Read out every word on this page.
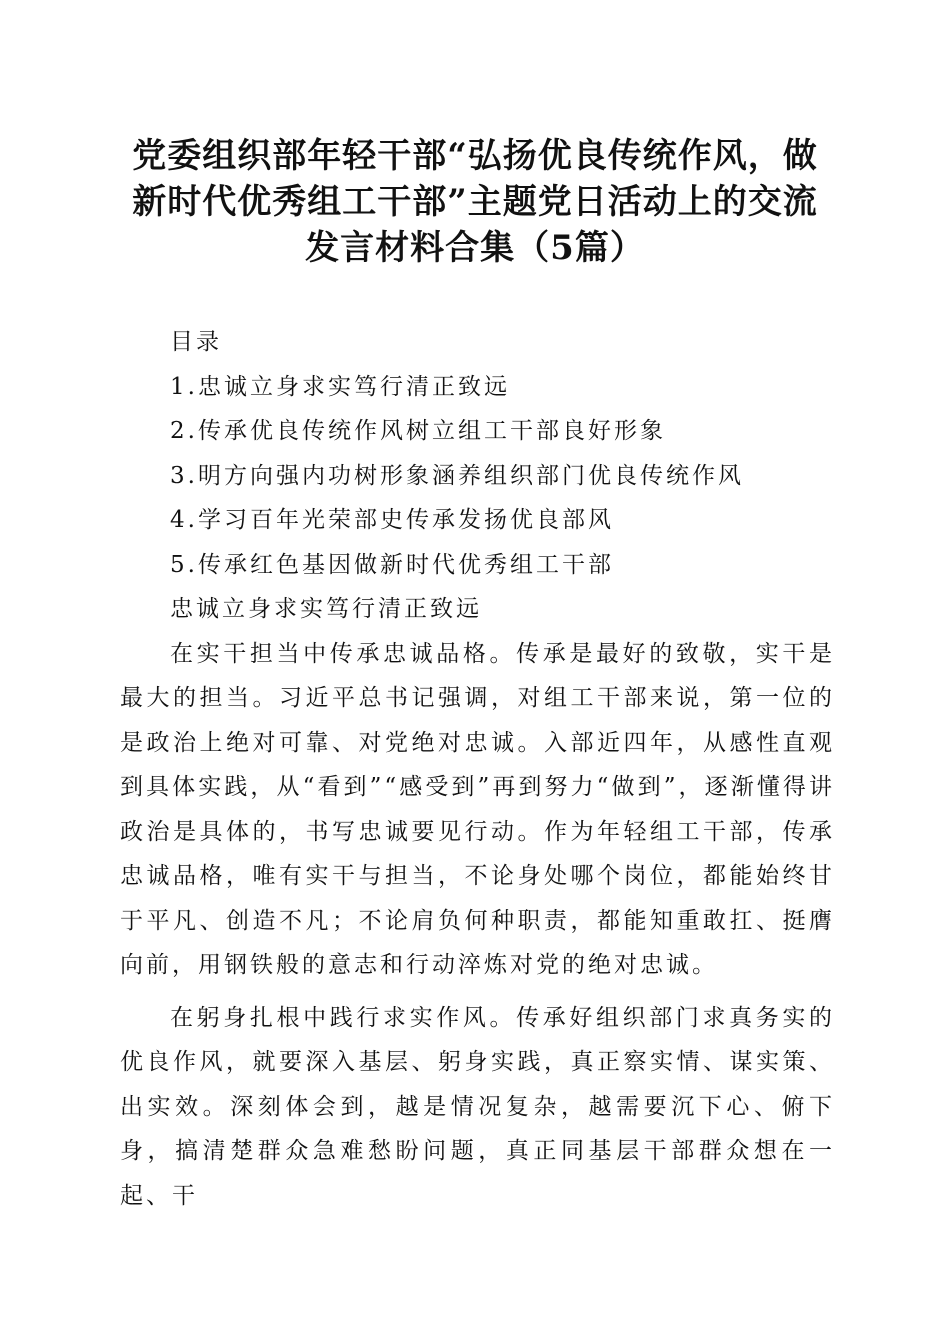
党委组织部年轻干部“弘扬优良传统作风，做
新时代优秀组工干部”主题党日活动上的交流
发言材料合集（5篇）

目录

1.忠诚立身求实笃行清正致远

2.传承优良传统作风树立组工干部良好形象

3.明方向强内功树形象涵养组织部门优良传统作风

4.学习百年光荣部史传承发扬优良部风

5.传承红色基因做新时代优秀组工干部

忠诚立身求实笃行清正致远

在实干担当中传承忠诚品格。传承是最好的致敬，实干是最大的担当。习近平总书记强调，对组工干部来说，第一位的是政治上绝对可靠、对党绝对忠诚。入部近四年，从感性直观到具体实践，从“看到”“感受到”再到努力“做到”，逐渐懂得讲政治是具体的，书写忠诚要见行动。作为年轻组工干部，传承忠诚品格，唯有实干与担当，不论身处哪个岗位，都能始终甘于平凡、创造不凡；不论肩负何种职责，都能知重敢扛、挺膺向前，用钢铁般的意志和行动淬炼对党的绝对忠诚。

在躬身扎根中践行求实作风。传承好组织部门求真务实的优良作风，就要深入基层、躬身实践，真正察实情、谋实策、出实效。深刻体会到，越是情况复杂，越需要沉下心、俯下身，搞清楚群众急难愁盼问题，真正同基层干部群众想在一起、干
